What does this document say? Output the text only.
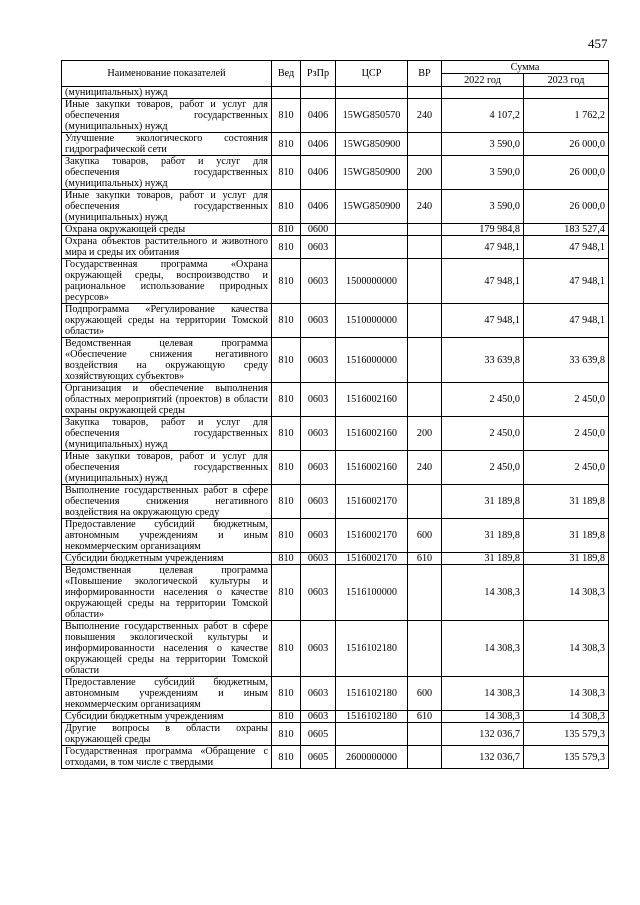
457
Наименование показателей	Вед	РзПр	ЦСР	ВР	Сумма	
					2022 год	2023 год
(муниципальных) нужд						
Иные закупки товаров, работ и услуг для обеспечения государственных (муниципальных) нужд	810	0406	15WG850570	240	4 107,2	1 762,2
Улучшение экологического состояния гидрографической сети	810	0406	15WG850900		3 590,0	26 000,0
Закупка товаров, работ и услуг для обеспечения государственных (муниципальных) нужд	810	0406	15WG850900	200	3 590,0	26 000,0
Иные закупки товаров, работ и услуг для обеспечения государственных (муниципальных) нужд	810	0406	15WG850900	240	3 590,0	26 000,0
Охрана окружающей среды	810	0600			179 984,8	183 527,4
Охрана объектов растительного и животного мира и среды их обитания	810	0603			47 948,1	47 948,1
Государственная программа «Охрана окружающей среды, воспроизводство и рациональное использование природных ресурсов»	810	0603	1500000000		47 948,1	47 948,1
Подпрограмма «Регулирование качества окружающей среды на территории Томской области»	810	0603	1510000000		47 948,1	47 948,1
Ведомственная целевая программа «Обеспечение снижения негативного воздействия на окружающую среду хозяйствующих субъектов»	810	0603	1516000000		33 639,8	33 639,8
Организация и обеспечение выполнения областных мероприятий (проектов) в области охраны окружающей среды	810	0603	1516002160		2 450,0	2 450,0
Закупка товаров, работ и услуг для обеспечения государственных (муниципальных) нужд	810	0603	1516002160	200	2 450,0	2 450,0
Иные закупки товаров, работ и услуг для обеспечения государственных (муниципальных) нужд	810	0603	1516002160	240	2 450,0	2 450,0
Выполнение государственных работ в сфере обеспечения снижения негативного воздействия на окружающую среду	810	0603	1516002170		31 189,8	31 189,8
Предоставление субсидий бюджетным, автономным учреждениям и иным некоммерческим организациям	810	0603	1516002170	600	31 189,8	31 189,8
Субсидии бюджетным учреждениям	810	0603	1516002170	610	31 189,8	31 189,8
Ведомственная целевая программа «Повышение экологической культуры и информированности населения о качестве окружающей среды на территории Томской области»	810	0603	1516100000		14 308,3	14 308,3
Выполнение государственных работ в сфере повышения экологической культуры и информированности населения о качестве окружающей среды на территории Томской области	810	0603	1516102180		14 308,3	14 308,3
Предоставление субсидий бюджетным, автономным учреждениям и иным некоммерческим организациям	810	0603	1516102180	600	14 308,3	14 308,3
Субсидии бюджетным учреждениям	810	0603	1516102180	610	14 308,3	14 308,3
Другие вопросы в области охраны окружающей среды	810	0605			132 036,7	135 579,3
Государственная программа «Обращение с отходами, в том числе с твердыми	810	0605	2600000000		132 036,7	135 579,3
